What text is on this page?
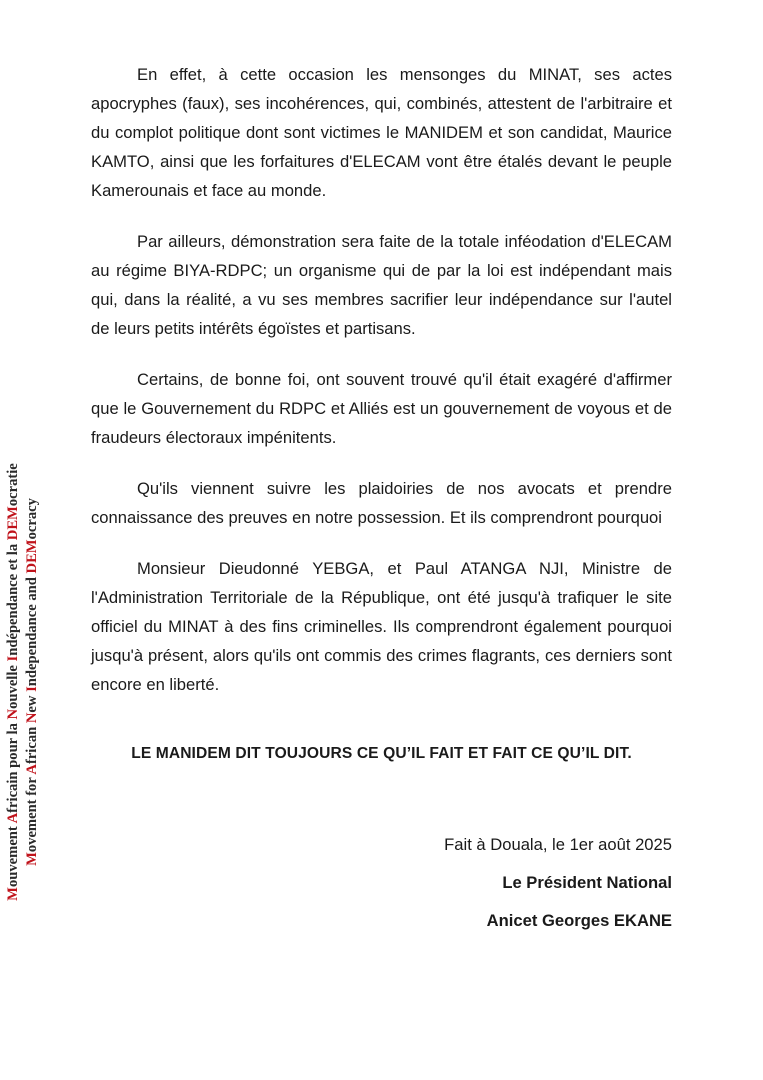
En effet, à cette occasion les mensonges du MINAT, ses actes apocryphes (faux), ses incohérences, qui, combinés, attestent de l'arbitraire et du complot politique dont sont victimes le MANIDEM et son candidat, Maurice KAMTO, ainsi que les forfaitures d'ELECAM vont être étalés devant le peuple Kamerounais et face au monde.

Par ailleurs, démonstration sera faite de la totale inféodation d'ELECAM au régime BIYA-RDPC; un organisme qui de par la loi est indépendant mais qui, dans la réalité, a vu ses membres sacrifier leur indépendance sur l'autel de leurs petits intérêts égoïstes et partisans.

Certains, de bonne foi, ont souvent trouvé qu'il était exagéré d'affirmer que le Gouvernement du RDPC et Alliés est un gouvernement de voyous et de fraudeurs électoraux impénitents.

Qu'ils viennent suivre les plaidoiries de nos avocats et prendre connaissance des preuves en notre possession. Et ils comprendront pourquoi

Monsieur Dieudonné YEBGA, et Paul ATANGA NJI, Ministre de l'Administration Territoriale de la République, ont été jusqu'à trafiquer le site officiel du MINAT à des fins criminelles. Ils comprendront également pourquoi jusqu'à présent, alors qu'ils ont commis des crimes flagrants, ces derniers sont encore en liberté.

LE MANIDEM DIT TOUJOURS CE QU’IL FAIT ET FAIT CE QU’IL DIT.
Fait à Douala, le 1er août 2025
Le Président National
Anicet Georges EKANE
Mouvement Africain pour la Nouvelle Indépendance et la DEMocratie
Movement for African New Independance and DEMocracy
